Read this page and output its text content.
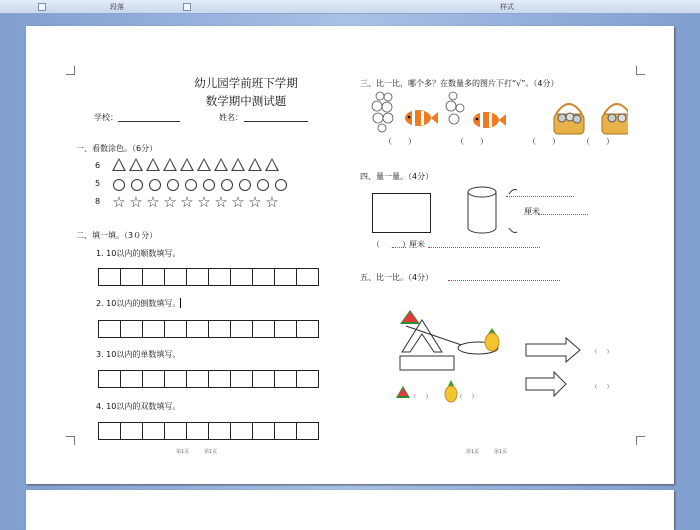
段落	样式
幼儿园学前班下学期
数学期中测试题
学校：	姓名：
一、看数涂色。（6分）
6
5
8 ☆ ☆ ☆ ☆ ☆ ☆ ☆ ☆ ☆ ☆
二、填一填。（3０分）
1. 10以内的顺数填写。
2. 10以内的倒数填写。
3. 10以内的单数填写。
4. 10以内的双数填写。
三、比一比，哪个多？在数量多的图片下打“√”。（4分）
（　　）	（　　）	（　　）	（　　）
四、量一量。（4分）
厘米
（	） 厘米
五、比一比。（4分）
(　　)
(　　)
(　　)	(　　)
第1页	第1页	第1页	第1页
